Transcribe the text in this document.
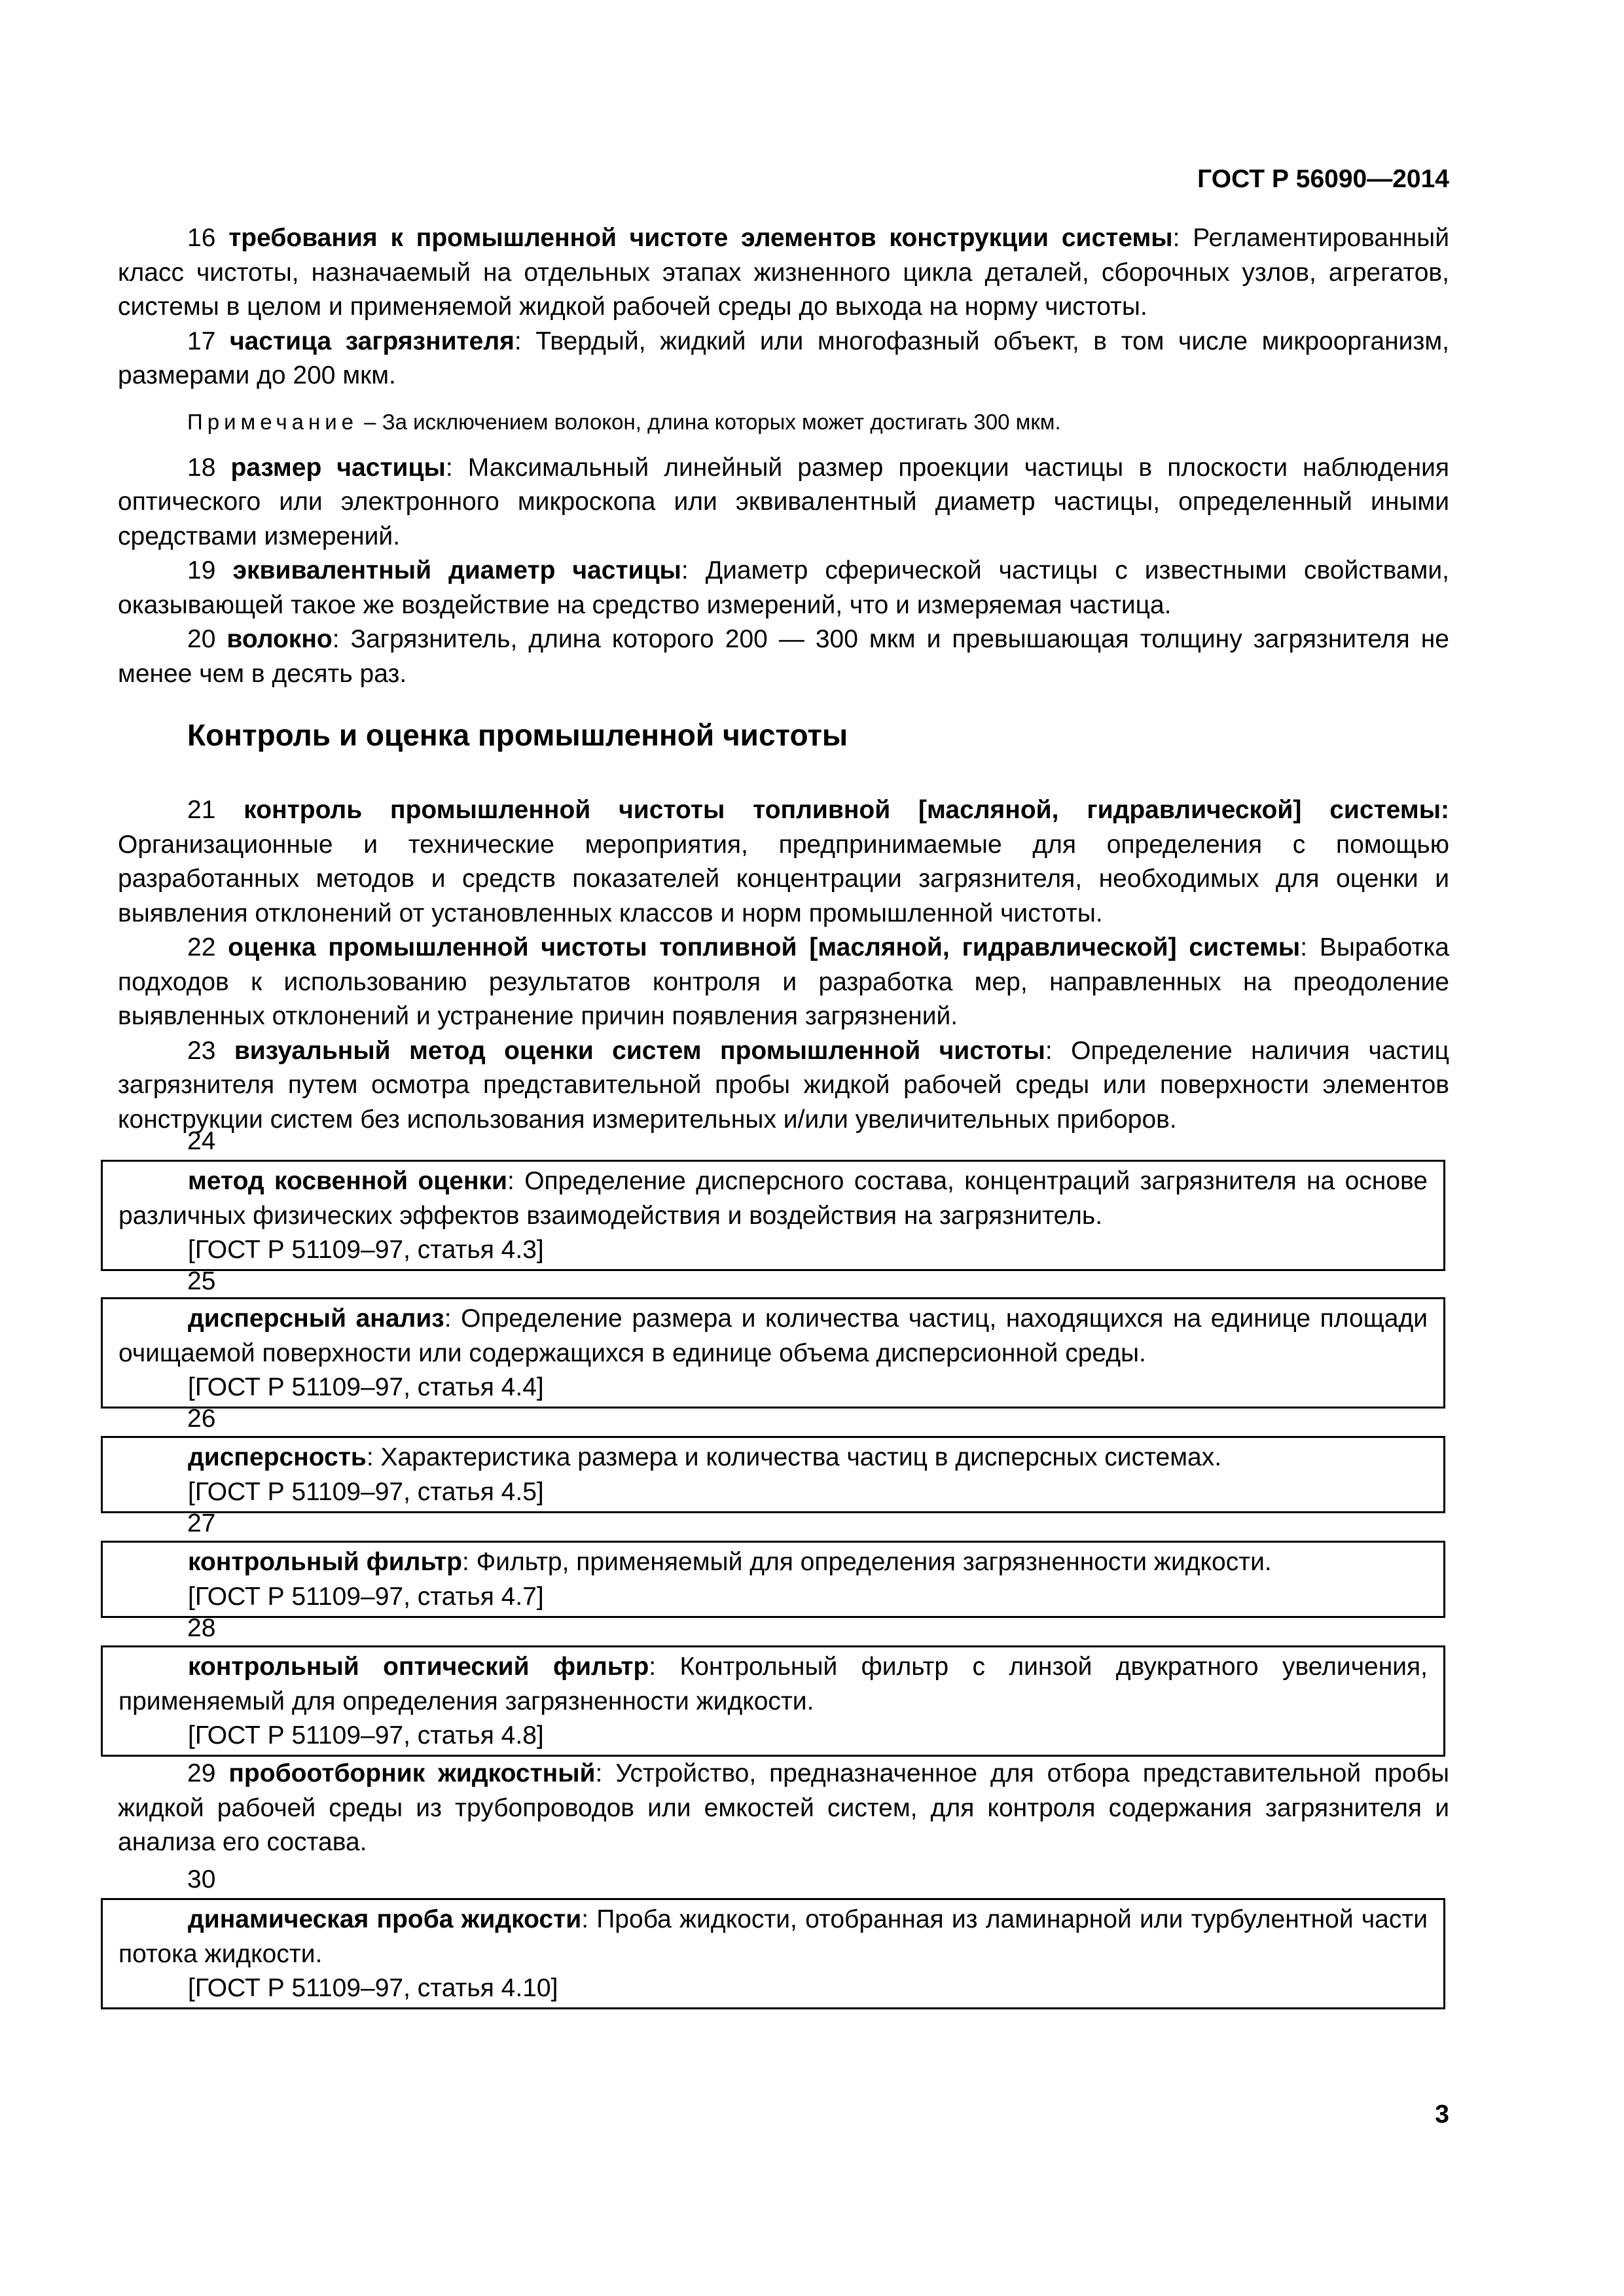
ГОСТ Р 56090—2014

16 требования к промышленной чистоте элементов конструкции системы: Регламентированный класс чистоты, назначаемый на отдельных этапах жизненного цикла деталей, сборочных узлов, агрегатов, системы в целом и применяемой жидкой рабочей среды до выхода на норму чистоты.

17 частица загрязнителя: Твердый, жидкий или многофазный объект, в том числе микроорганизм, размерами до 200 мкм.

Примечание – За исключением волокон, длина которых может достигать 300 мкм.

18 размер частицы: Максимальный линейный размер проекции частицы в плоскости наблюдения оптического или электронного микроскопа или эквивалентный диаметр частицы, определенный иными средствами измерений.

19 эквивалентный диаметр частицы: Диаметр сферической частицы с известными свойствами, оказывающей такое же воздействие на средство измерений, что и измеряемая частица.

20 волокно: Загрязнитель, длина которого 200 — 300 мкм и превышающая толщину загрязнителя не менее чем в десять раз.

Контроль и оценка промышленной чистоты

21 контроль промышленной чистоты топливной [масляной, гидравлической] системы: Организационные и технические мероприятия, предпринимаемые для определения с помощью разработанных методов и средств показателей концентрации загрязнителя, необходимых для оценки и выявления отклонений от установленных классов и норм промышленной чистоты.

22 оценка промышленной чистоты топливной [масляной, гидравлической] системы: Выработка подходов к использованию результатов контроля и разработка мер, направленных на преодоление выявленных отклонений и устранение причин появления загрязнений.

23 визуальный метод оценки систем промышленной чистоты: Определение наличия частиц загрязнителя путем осмотра представительной пробы жидкой рабочей среды или поверхности элементов конструкции систем без использования измерительных и/или увеличительных приборов.

24

метод косвенной оценки: Определение дисперсного состава, концентраций загрязнителя на основе различных физических эффектов взаимодействия и воздействия на загрязнитель.

[ГОСТ Р 51109–97, статья 4.3]

25

дисперсный анализ: Определение размера и количества частиц, находящихся на единице площади очищаемой поверхности или содержащихся в единице объема дисперсионной среды.

[ГОСТ Р 51109–97, статья 4.4]

26

дисперсность: Характеристика размера и количества частиц в дисперсных системах.

[ГОСТ Р 51109–97, статья 4.5]

27

контрольный фильтр: Фильтр, применяемый для определения загрязненности жидкости.

[ГОСТ Р 51109–97, статья 4.7]

28

контрольный оптический фильтр: Контрольный фильтр с линзой двукратного увеличения, применяемый для определения загрязненности жидкости.

[ГОСТ Р 51109–97, статья 4.8]

29 пробоотборник жидкостный: Устройство, предназначенное для отбора представительной пробы жидкой рабочей среды из трубопроводов или емкостей систем, для контроля содержания загрязнителя и анализа его состава.

30

динамическая проба жидкости: Проба жидкости, отобранная из ламинарной или турбулентной части потока жидкости.

[ГОСТ Р 51109–97, статья 4.10]

3
